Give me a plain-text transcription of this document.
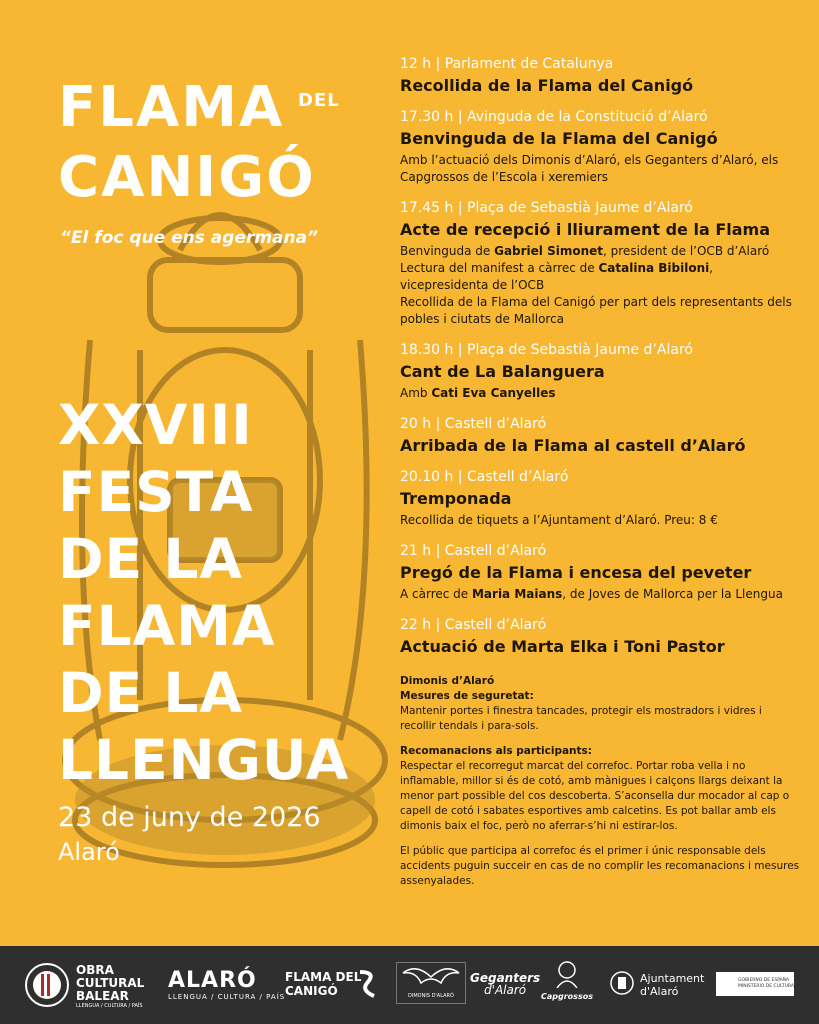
FLAMA DEL
CANIGÓ
“El foc que ens agermana”
XXVIII
FESTA
DE LA
FLAMA
DE LA
LLENGUA
23 de juny de 2026
Alaró
12 h | Parlament de Catalunya
Recollida de la Flama del Canigó
17.30 h | Avinguda de la Constitució d’Alaró
Benvinguda de la Flama del Canigó
Amb l’actuació dels Dimonis d’Alaró, els Geganters d’Alaró, els Capgrossos de l’Escola i xeremiers
17.45 h | Plaça de Sebastià Jaume d’Alaró
Acte de recepció i lliurament de la Flama
Benvinguda de Gabriel Simonet, president de l’OCB d’Alaró
Lectura del manifest a càrrec de Catalina Bibiloni, vicepresidenta de l’OCB
Recollida de la Flama del Canigó per part dels representants dels pobles i ciutats de Mallorca
18.30 h | Plaça de Sebastià Jaume d’Alaró
Cant de La Balanguera
Amb Cati Eva Canyelles
20 h | Castell d’Alaró
Arribada de la Flama al castell d’Alaró
20.10 h | Castell d’Alaró
Tremponada
Recollida de tiquets a l’Ajuntament d’Alaró. Preu: 8 €
21 h | Castell d’Alaró
Pregó de la Flama i encesa del peveter
A càrrec de Maria Maians, de Joves de Mallorca per la Llengua
22 h | Castell d’Alaró
Actuació de Marta Elka i Toni Pastor
Dimonis d’Alaró
Mesures de seguretat:

Mantenir portes i finestra tancades, protegir els mostradors i vidres i recollir tendals i para-sols.

Recomanacions als participants:

Respectar el recorregut marcat del correfoc. Portar roba vella i no inflamable, millor si és de cotó, amb mànigues i calçons llargs deixant la menor part possible del cos descoberta. S’aconsella dur mocador al cap o capell de cotó i sabates esportives amb calcetins. Es pot ballar amb els dimonis baix el foc, però no aferrar-s’hi ni estirar-los.

El públic que participa al correfoc és el primer i únic responsable dels accidents puguin succeir en cas de no complir les recomanacions i mesures assenyalades.

OBRA
CULTURAL
BALEAR
LLENGUA / CULTURA / PAÍS
ALARÓ
LLENGUA / CULTURA / PAÍS
FLAMA DEL
CANIGÓ	DIMONIS D'ALARÓ
Geganters
d'Alaró	Capgrossos
Ajuntament
d'Alaró
GOBIERNO DE ESPAÑA
MINISTERIO DE CULTURA
